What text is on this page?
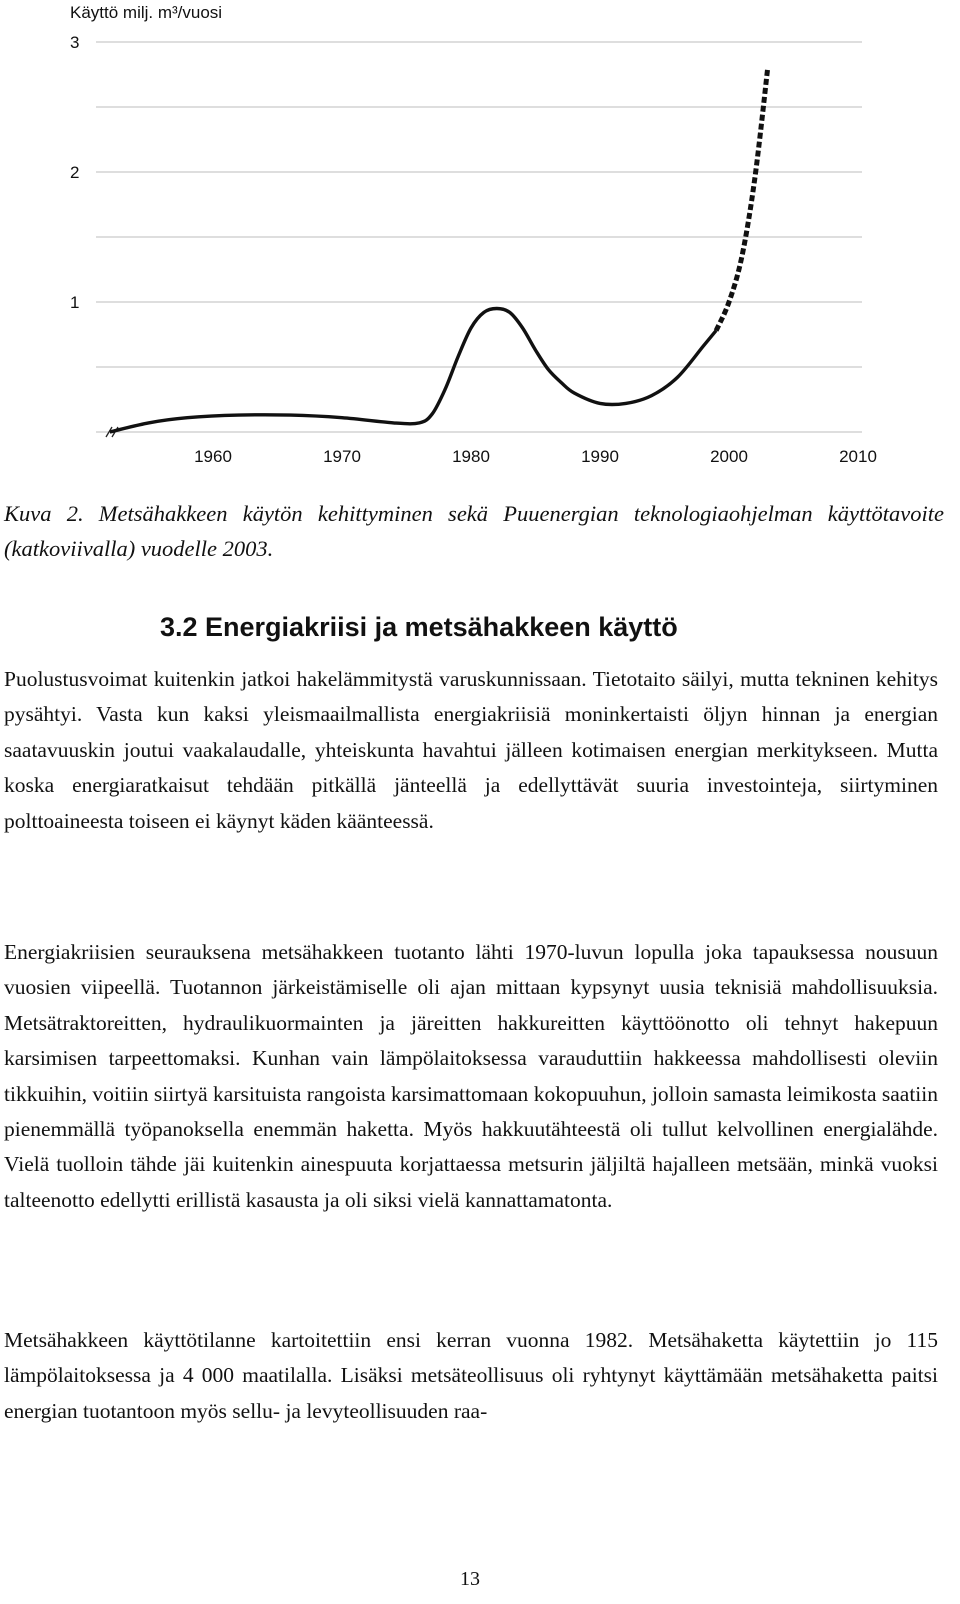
Käyttö milj. m³/vuosi
1
2
3
1960	1970	1980	1990	2000	2010

Kuva 2. Metsähakkeen käytön kehittyminen sekä Puuenergian teknologiaohjelman käyttötavoite (katkoviivalla) vuodelle 2003.

3.2 Energiakriisi ja metsähakkeen käyttö

Puolustusvoimat kuitenkin jatkoi hakelämmitystä varuskunnissaan. Tietotaito säilyi, mutta tekninen kehitys pysähtyi. Vasta kun kaksi yleismaailmallista energiakriisiä moninkertaisti öljyn hinnan ja energian saatavuuskin joutui vaakalaudalle, yhteiskunta havahtui jälleen kotimaisen energian merkitykseen. Mutta koska energiaratkaisut tehdään pitkällä jänteellä ja edellyttävät suuria investointeja, siirtyminen polttoaineesta toiseen ei käynyt käden käänteessä.

Energiakriisien seurauksena metsähakkeen tuotanto lähti 1970-luvun lopulla joka tapauksessa nousuun vuosien viipeellä. Tuotannon järkeistämiselle oli ajan mittaan kypsynyt uusia teknisiä mahdollisuuksia. Metsätraktoreitten, hydraulikuormainten ja järeitten hakkureitten käyttöönotto oli tehnyt hakepuun karsimisen tarpeettomaksi. Kunhan vain lämpölaitoksessa varauduttiin hakkeessa mahdollisesti oleviin tikkuihin, voitiin siirtyä karsituista rangoista karsimattomaan kokopuuhun, jolloin samasta leimikosta saatiin pienemmällä työpanoksella enemmän haketta. Myös hakkuutähteestä oli tullut kelvollinen energialähde. Vielä tuolloin tähde jäi kuitenkin ainespuuta korjattaessa metsurin jäljiltä hajalleen metsään, minkä vuoksi talteenotto edellytti erillistä kasausta ja oli siksi vielä kannattamatonta.

Metsähakkeen käyttötilanne kartoitettiin ensi kerran vuonna 1982. Metsähaketta käytettiin jo 115 lämpölaitoksessa ja 4 000 maatilalla. Lisäksi metsäteollisuus oli ryhtynyt käyttämään metsähaketta paitsi energian tuotantoon myös sellu- ja levyteollisuuden raa-

13
